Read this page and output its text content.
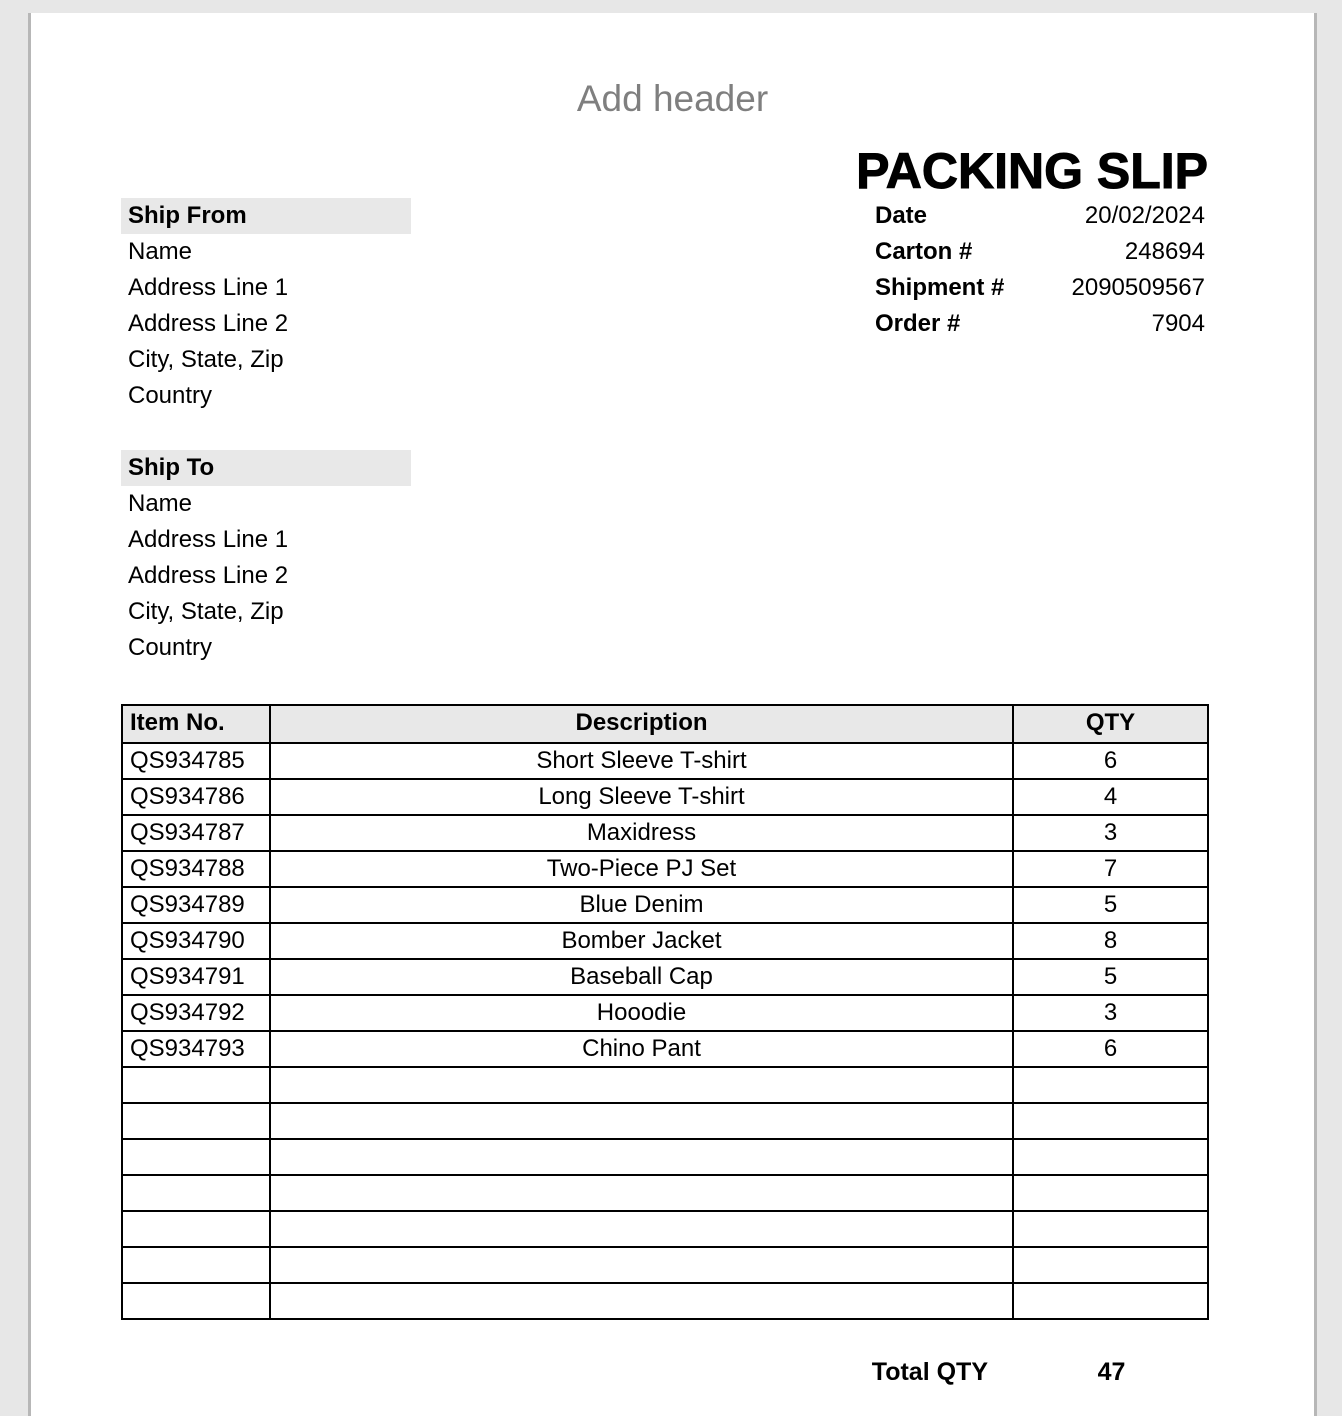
Add header
PACKING SLIP
Ship From
Name
Address Line 1
Address Line 2
City, State, Zip
Country
Date	20/02/2024
Carton #	248694
Shipment #	2090509567
Order #	7904
Ship To
Name
Address Line 1
Address Line 2
City, State, Zip
Country
Item No.	Description	QTY
QS934785	Short Sleeve T-shirt	6
QS934786	Long Sleeve T-shirt	4
QS934787	Maxidress	3
QS934788	Two-Piece PJ Set	7
QS934789	Blue Denim	5
QS934790	Bomber Jacket	8
QS934791	Baseball Cap	5
QS934792	Hooodie	3
QS934793	Chino Pant	6
Total QTY	47
